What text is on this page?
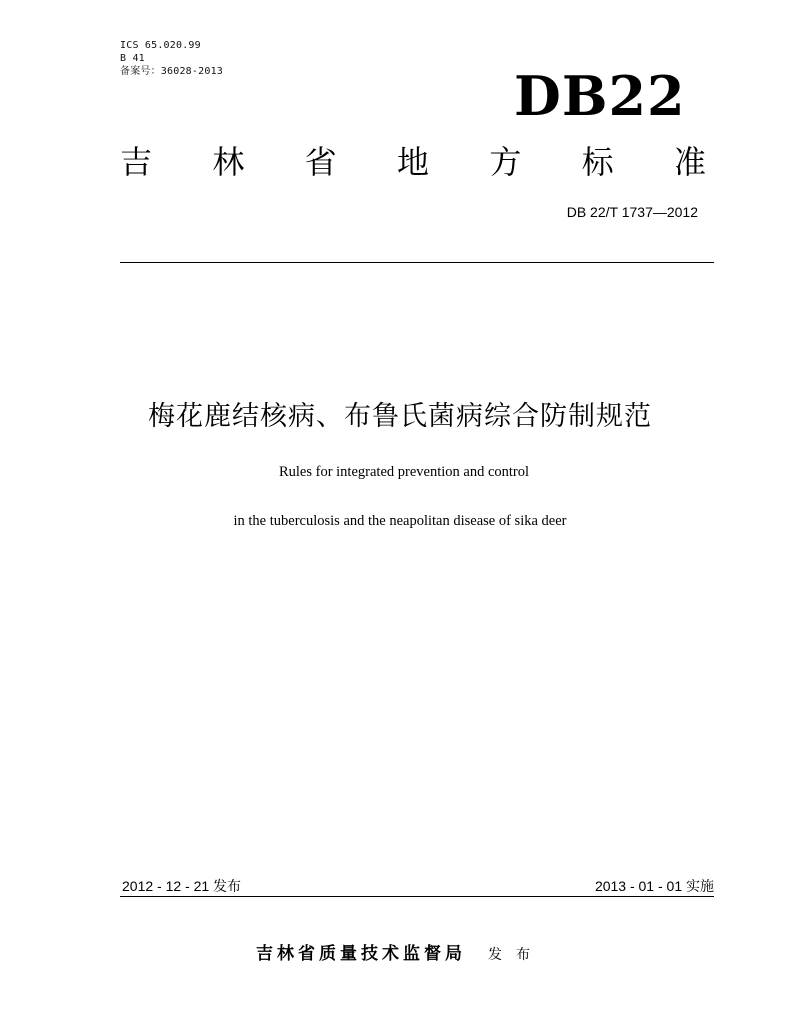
ICS 65.020.99
B 41
备案号：36028-2013	DB22
吉 林 省 地 方 标 准
DB 22/T 1737—2012
梅花鹿结核病、布鲁氏菌病综合防制规范
Rules for integrated prevention and control
in the tuberculosis and the neapolitan disease of sika deer
2012 - 12 - 21 发布	2013 - 01 - 01 实施
吉林省质量技术监督局 发布
